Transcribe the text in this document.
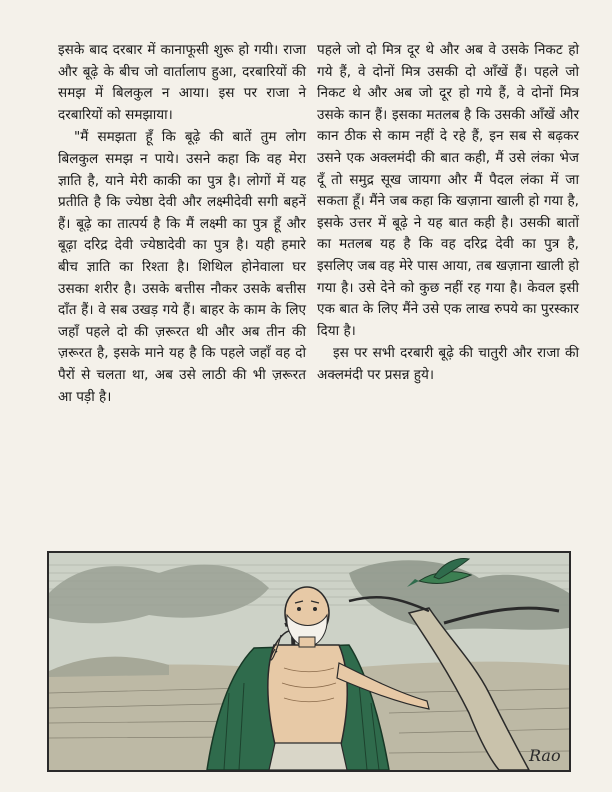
इसके बाद दरबार में कानाफूसी शुरू हो गयी। राजा और बूढ़े के बीच जो वार्तालाप हुआ, दरबारियों की समझ में बिलकुल न आया। इस पर राजा ने दरबारियों को समझाया।

"मैं समझता हूँ कि बूढ़े की बातें तुम लोग बिलकुल समझ न पाये। उसने कहा कि वह मेरा ज्ञाति है, याने मेरी काकी का पुत्र है। लोगों में यह प्रतीति है कि ज्येष्ठा देवी और लक्ष्मीदेवी सगी बहनें हैं। बूढ़े का तात्पर्य है कि मैं लक्ष्मी का पुत्र हूँ और बूढ़ा दरिद्र देवी ज्येष्ठादेवी का पुत्र है। यही हमारे बीच ज्ञाति का रिश्ता है। शिथिल होनेवाला घर उसका शरीर है। उसके बत्तीस नौकर उसके बत्तीस दाँत हैं। वे सब उखड़ गये हैं। बाहर के काम के लिए जहाँ पहले दो की ज़रूरत थी और अब तीन की ज़रूरत है, इसके माने यह है कि पहले जहाँ वह दो पैरों से चलता था, अब उसे लाठी की भी ज़रूरत आ पड़ी है।

पहले जो दो मित्र दूर थे और अब वे उसके निकट हो गये हैं, वे दोनों मित्र उसकी दो आँखें हैं। पहले जो निकट थे और अब जो दूर हो गये हैं, वे दोनों मित्र उसके कान हैं। इसका मतलब है कि उसकी आँखें और कान ठीक से काम नहीं दे रहे हैं, इन सब से बढ़कर उसने एक अक्लमंदी की बात कही, मैं उसे लंका भेज दूँ तो समुद्र सूख जायगा और मैं पैदल लंका में जा सकता हूँ। मैंने जब कहा कि खज़ाना खाली हो गया है, इसके उत्तर में बूढ़े ने यह बात कही है। उसकी बातों का मतलब यह है कि वह दरिद्र देवी का पुत्र है, इसलिए जब वह मेरे पास आया, तब खज़ाना खाली हो गया है। उसे देने को कुछ नहीं रह गया है। केवल इसी एक बात के लिए मैंने उसे एक लाख रुपये का पुरस्कार दिया है।

इस पर सभी दरबारी बूढ़े की चातुरी और राजा की अक्लमंदी पर प्रसन्न हुये।

Rao
